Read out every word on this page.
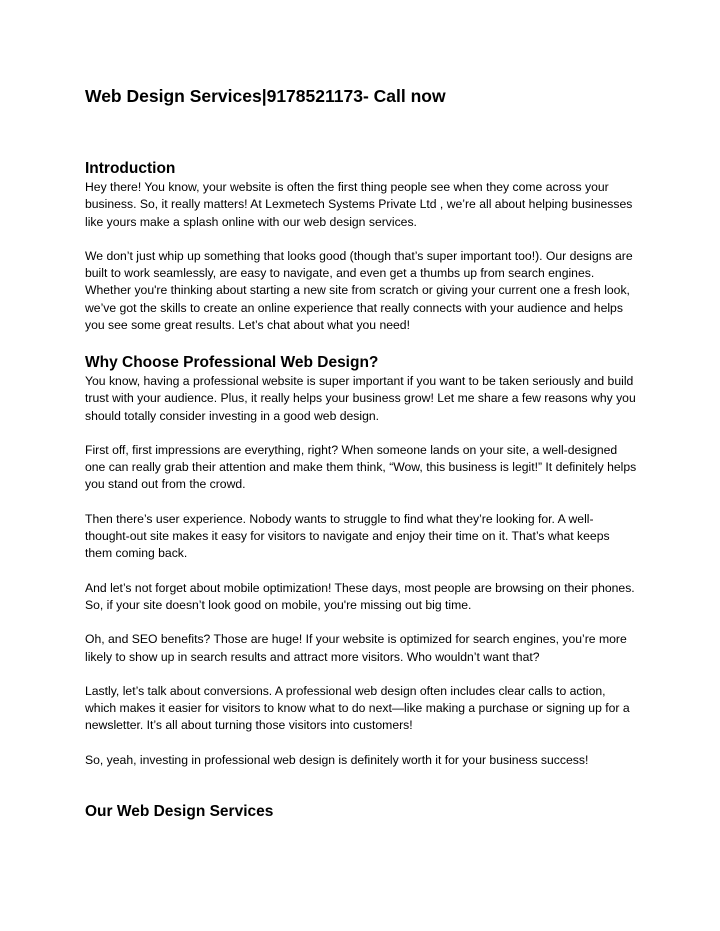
Web Design Services|9178521173- Call now
Introduction

Hey there! You know, your website is often the first thing people see when they come across your business. So, it really matters! At Lexmetech Systems Private Ltd , we’re all about helping businesses like yours make a splash online with our web design services.

We don’t just whip up something that looks good (though that’s super important too!). Our designs are built to work seamlessly, are easy to navigate, and even get a thumbs up from search engines. Whether you're thinking about starting a new site from scratch or giving your current one a fresh look, we’ve got the skills to create an online experience that really connects with your audience and helps you see some great results. Let’s chat about what you need!

Why Choose Professional Web Design?

You know, having a professional website is super important if you want to be taken seriously and build trust with your audience. Plus, it really helps your business grow! Let me share a few reasons why you should totally consider investing in a good web design.

First off, first impressions are everything, right? When someone lands on your site, a well-designed one can really grab their attention and make them think, “Wow, this business is legit!” It definitely helps you stand out from the crowd.

Then there’s user experience. Nobody wants to struggle to find what they’re looking for. A well-thought-out site makes it easy for visitors to navigate and enjoy their time on it. That’s what keeps them coming back.

And let’s not forget about mobile optimization! These days, most people are browsing on their phones. So, if your site doesn’t look good on mobile, you're missing out big time.

Oh, and SEO benefits? Those are huge! If your website is optimized for search engines, you’re more likely to show up in search results and attract more visitors. Who wouldn’t want that?

Lastly, let’s talk about conversions. A professional web design often includes clear calls to action, which makes it easier for visitors to know what to do next—like making a purchase or signing up for a newsletter. It’s all about turning those visitors into customers!

So, yeah, investing in professional web design is definitely worth it for your business success!

Our Web Design Services
